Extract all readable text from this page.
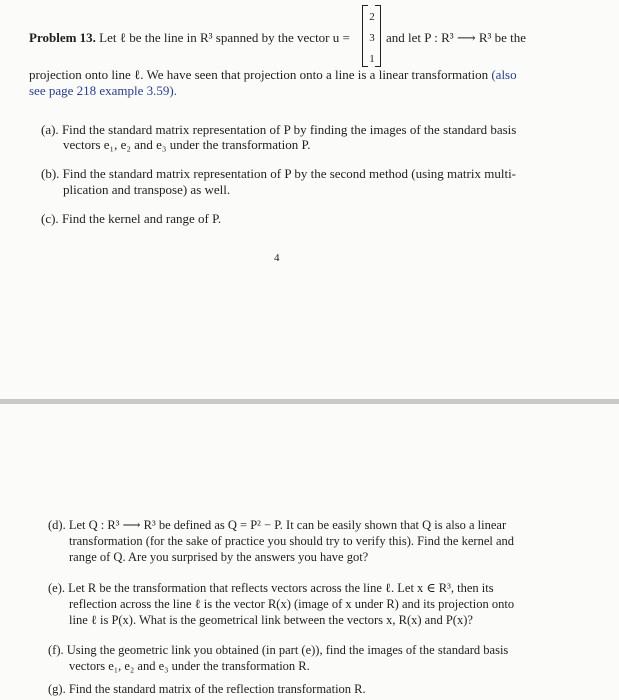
Problem 13. Let ℓ be the line in R³ spanned by the vector u =
2
3
1
and let P : R³ ⟶ R³ be the
projection onto line ℓ. We have seen that projection onto a line is a linear transformation (also
see page 218 example 3.59).
(a). Find the standard matrix representation of P by finding the images of the standard basis
vectors e₁, e₂ and e₃ under the transformation P.
(b). Find the standard matrix representation of P by the second method (using matrix multi-
plication and transpose) as well.
(c). Find the kernel and range of P.
4
(d). Let Q : R³ ⟶ R³ be defined as Q = P² − P. It can be easily shown that Q is also a linear
transformation (for the sake of practice you should try to verify this). Find the kernel and
range of Q. Are you surprised by the answers you have got?
(e). Let R be the transformation that reflects vectors across the line ℓ. Let x ∈ R³, then its
reflection across the line ℓ is the vector R(x) (image of x under R) and its projection onto
line ℓ is P(x). What is the geometrical link between the vectors x, R(x) and P(x)?
(f). Using the geometric link you obtained (in part (e)), find the images of the standard basis
vectors e₁, e₂ and e₃ under the transformation R.
(g). Find the standard matrix of the reflection transformation R.
